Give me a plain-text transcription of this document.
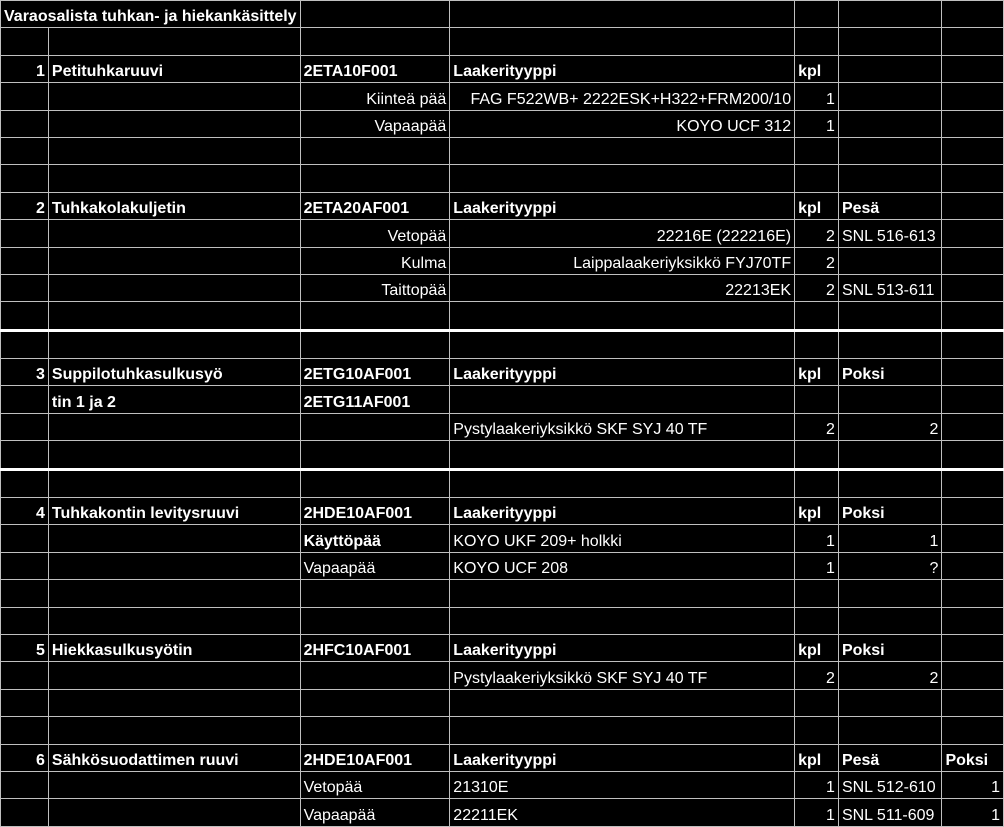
Varaosalista tuhkan- ja hiekankäsittely						

1	Petituhkaruuvi	2ETA10F001	Laakerityyppi	kpl		
		Kiinteä pää	FAG F522WB+ 2222ESK+H322+FRM200/10	1		
		Vapaapää	KOYO UCF 312	1		

2	Tuhkakolakuljetin	2ETA20AF001	Laakerityyppi	kpl	Pesä	
		Vetopää	22216E (222216E)	2	SNL 516-613	
		Kulma	Laippalaakeriyksikkö FYJ70TF	2		
		Taittopää	22213EK	2	SNL 513-611	

3	Suppilotuhkasulkusyö	2ETG10AF001	Laakerityyppi	kpl	Poksi	
	tin 1 ja 2	2ETG11AF001				
			Pystylaakeriyksikkö SKF SYJ 40 TF	2	2	

4	Tuhkakontin levitysruuvi	2HDE10AF001	Laakerityyppi	kpl	Poksi	
		Käyttöpää	KOYO UKF 209+ holkki	1	1	
		Vapaapää	KOYO UCF 208	1	?	

5	Hiekkasulkusyötin	2HFC10AF001	Laakerityyppi	kpl	Poksi	
			Pystylaakeriyksikkö SKF SYJ 40 TF	2	2	

6	Sähkösuodattimen ruuvi	2HDE10AF001	Laakerityyppi	kpl	Pesä	Poksi
		Vetopää	21310E	1	SNL 512-610	1
		Vapaapää	22211EK	1	SNL 511-609	1
